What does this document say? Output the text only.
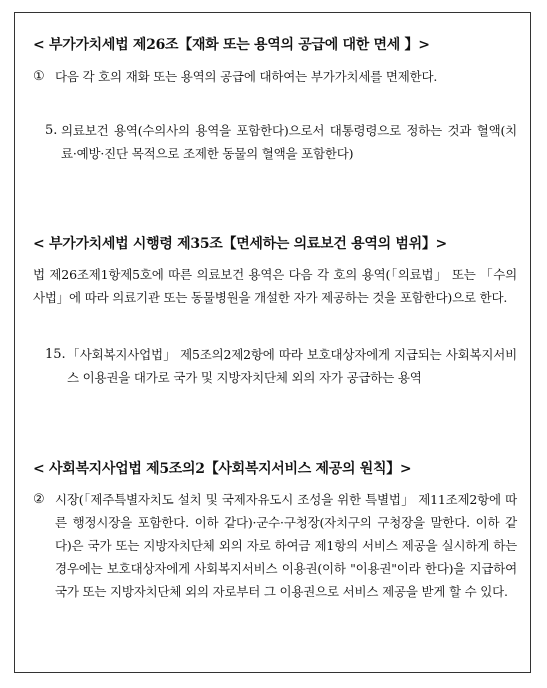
< 부가가치세법 제26조【재화 또는 용역의 공급에 대한 면세 】>
① 다음 각 호의 재화 또는 용역의 공급에 대하여는 부가가치세를 면제한다.
5. 의료보건 용역(수의사의 용역을 포함한다)으로서 대통령령으로 정하는 것과 혈액(치료·예방·진단 목적으로 조제한 동물의 혈액을 포함한다)
< 부가가치세법 시행령 제35조【면세하는 의료보건 용역의 범위】>
법 제26조제1항제5호에 따른 의료보건 용역은 다음 각 호의 용역(「의료법」 또는 「수의사법」에 따라 의료기관 또는 동물병원을 개설한 자가 제공하는 것을 포함한다)으로 한다.
15. 「사회복지사업법」 제5조의2제2항에 따라 보호대상자에게 지급되는 사회복지서비스 이용권을 대가로 국가 및 지방자치단체 외의 자가 공급하는 용역
< 사회복지사업법 제5조의2【사회복지서비스 제공의 원칙】>
② 시장(「제주특별자치도 설치 및 국제자유도시 조성을 위한 특별법」 제11조제2항에 따른 행정시장을 포함한다. 이하 같다)·군수·구청장(자치구의 구청장을 말한다. 이하 같다)은 국가 또는 지방자치단체 외의 자로 하여금 제1항의 서비스 제공을 실시하게 하는 경우에는 보호대상자에게 사회복지서비스 이용권(이하 "이용권"이라 한다)을 지급하여 국가 또는 지방자치단체 외의 자로부터 그 이용권으로 서비스 제공을 받게 할 수 있다.
